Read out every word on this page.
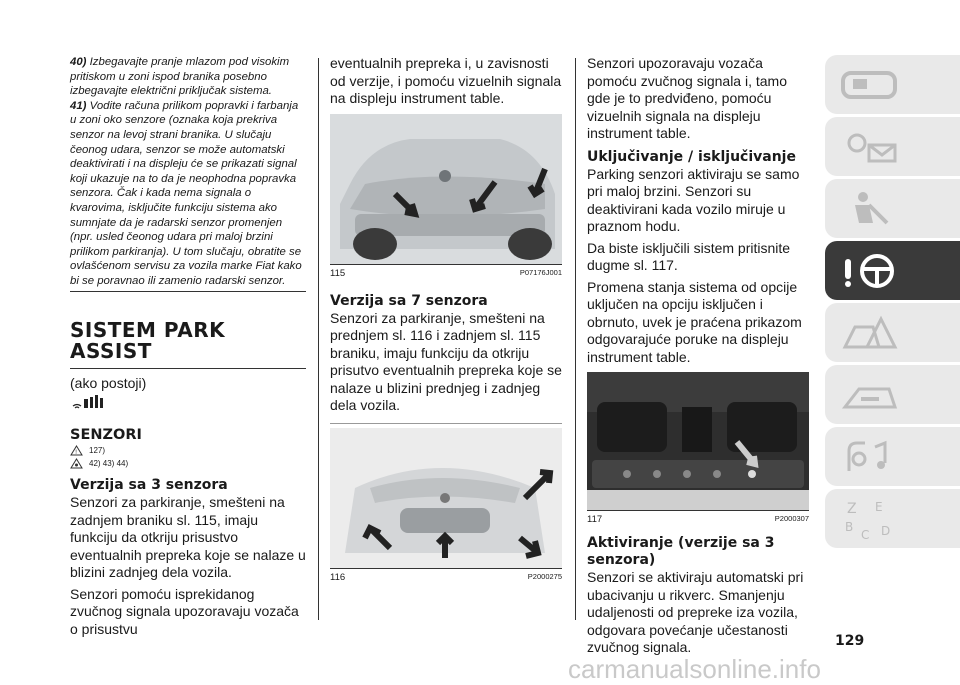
40) Izbegavajte pranje mlazom pod visokim pritiskom u zoni ispod branika posebno izbegavajte električni priključak sistema.
41) Vodite računa prilikom popravki i farbanja u zoni oko senzore (oznaka koja prekriva senzor na levoj strani branika. U slučaju čeonog udara, senzor se može automatski deaktivirati i na displeju će se prikazati signal koji ukazuje na to da je neophodna popravka senzora. Čak i kada nema signala o kvarovima, isključite funkciju sistema ako sumnjate da je radarski senzor promenjen (npr. usled čeonog udara pri maloj brzini prilikom parkiranja). U tom slučaju, obratite se ovlašćenom servisu za vozila marke Fiat kako bi se poravnao ili zamenio radarski senzor.
SISTEM PARK ASSIST
(ako postoji)
SENZORI
! 127)
42) 43) 44)
Verzija sa 3 senzora
Senzori za parkiranje, smešteni na zadnjem braniku sl. 115, imaju funkciju da otkriju prisustvo eventualnih prepreka koje se nalaze u blizini zadnjeg dela vozila.
Senzori pomoću isprekidanog zvučnog signala upozoravaju vozača o prisustvu
eventualnih prepreka i, u zavisnosti od verzije, i pomoću vizuelnih signala na displeju instrument table.
115	P07176J001
Verzija sa 7 senzora
Senzori za parkiranje, smešteni na prednjem sl. 116 i zadnjem sl. 115 braniku, imaju funkciju da otkriju prisutvo eventualnih prepreka koje se nalaze u blizini prednjeg i zadnjeg dela vozila.
116	P2000275
Senzori upozoravaju vozača pomoću zvučnog signala i, tamo gde je to predviđeno, pomoću vizuelnih signala na displeju instrument table.
Uključivanje / isključivanje
Parking senzori aktiviraju se samo pri maloj brzini. Senzori su deaktivirani kada vozilo miruje u praznom hodu.
Da biste isključili sistem pritisnite dugme sl. 117.
Promena stanja sistema od opcije uključen na opciju isključen i obrnuto, uvek je praćena prikazom odgovarajuće poruke na displeju instrument table.
117	P2000307
Aktiviranje (verzije sa 3 senzora)
Senzori se aktiviraju automatski pri ubacivanju u rikverc. Smanjenju udaljenosti od prepreke iza vozila, odgovara povećanje učestanosti zvučnog signala.
Z E
B
C D
129
carmanualsonline.info
